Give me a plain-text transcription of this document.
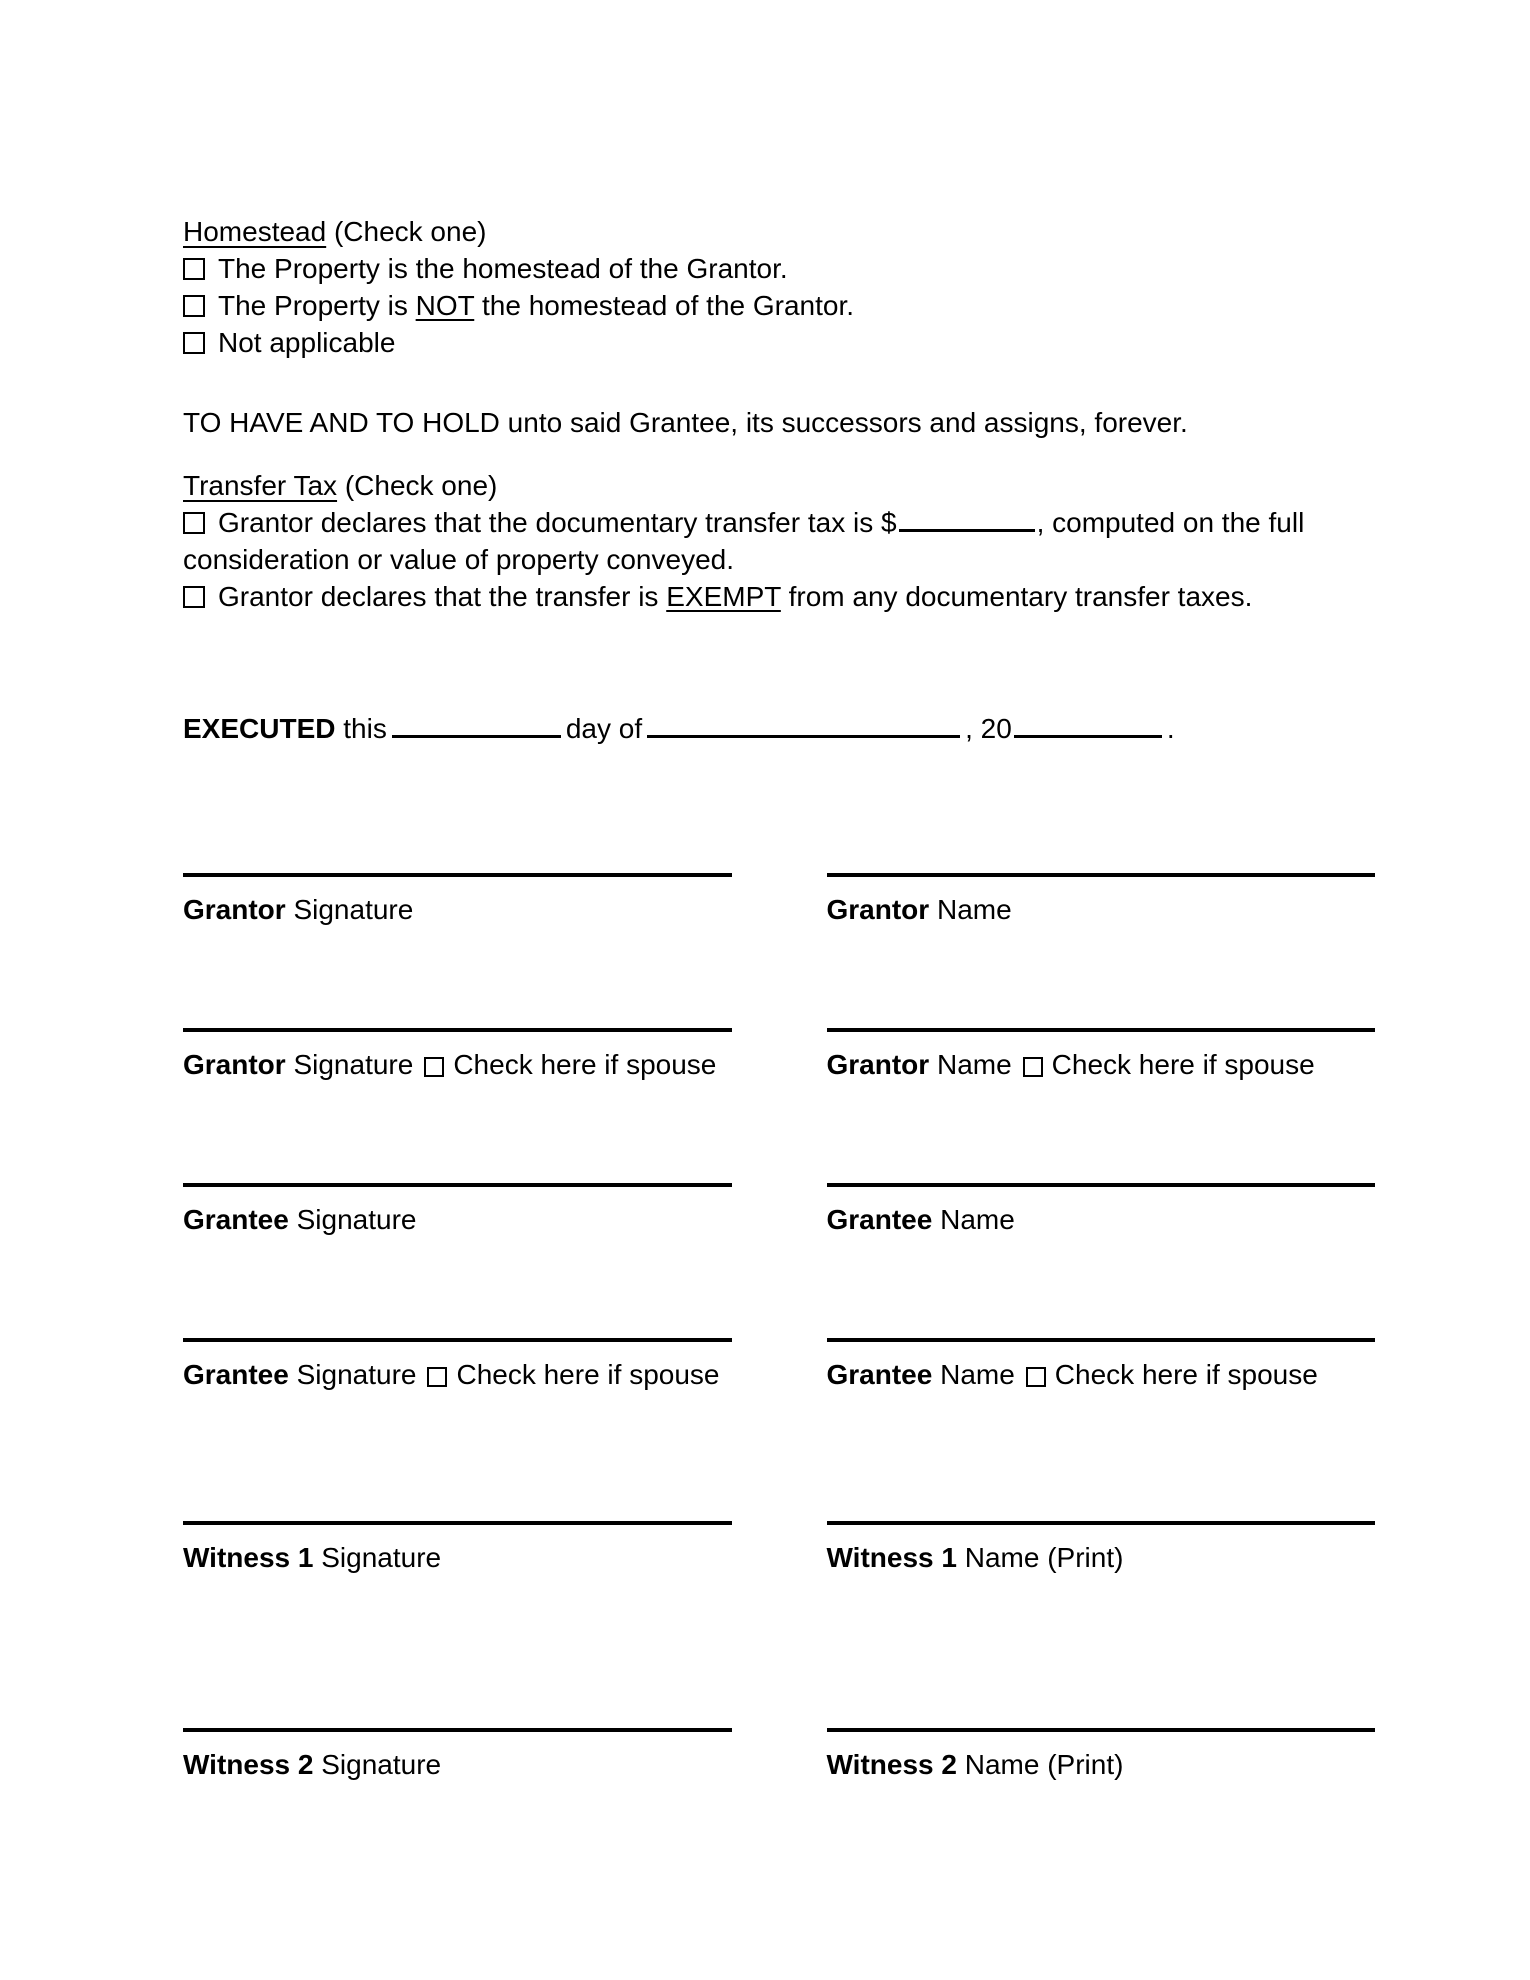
Homestead (Check one)
The Property is the homestead of the Grantor.
The Property is NOT the homestead of the Grantor.
Not applicable
TO HAVE AND TO HOLD unto said Grantee, its successors and assigns, forever.
Transfer Tax (Check one)
Grantor declares that the documentary transfer tax is $	, computed on the full consideration or value of property conveyed.
Grantor declares that the transfer is EXEMPT from any documentary transfer taxes.
EXECUTED this	day of	, 20	.
Grantor Signature	Grantor Name
Grantor Signature Check here if spouse	Grantor Name Check here if spouse
Grantee Signature	Grantee Name
Grantee Signature Check here if spouse	Grantee Name Check here if spouse
Witness 1 Signature	Witness 1 Name (Print)
Witness 2 Signature	Witness 2 Name (Print)
